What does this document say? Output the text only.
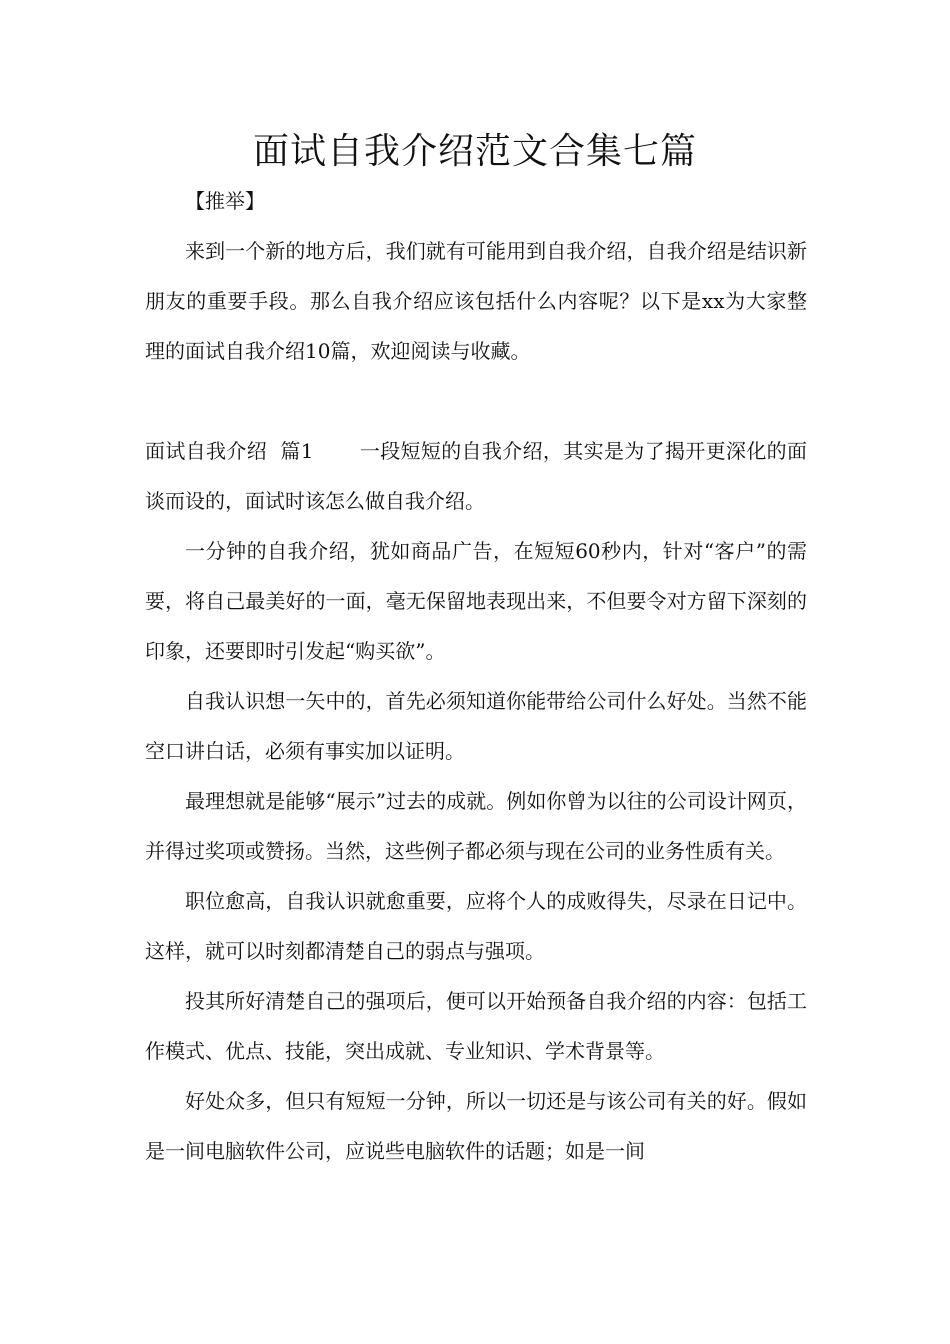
面试自我介绍范文合集七篇

【推举】

来到一个新的地方后，我们就有可能用到自我介绍，自我介绍是结识新朋友的重要手段。那么自我介绍应该包括什么内容呢？以下是xx为大家整理的面试自我介绍10篇，欢迎阅读与收藏。

面试自我介绍  篇1 一段短短的自我介绍，其实是为了揭开更深化的面谈而设的，面试时该怎么做自我介绍。

一分钟的自我介绍，犹如商品广告，在短短60秒内，针对“客户”的需要，将自己最美好的一面，毫无保留地表现出来，不但要令对方留下深刻的印象，还要即时引发起“购买欲”。

自我认识想一矢中的，首先必须知道你能带给公司什么好处。当然不能空口讲白话，必须有事实加以证明。

最理想就是能够“展示”过去的成就。例如你曾为以往的公司设计网页，并得过奖项或赞扬。当然，这些例子都必须与现在公司的业务性质有关。

职位愈高，自我认识就愈重要，应将个人的成败得失，尽录在日记中。这样，就可以时刻都清楚自己的弱点与强项。

投其所好清楚自己的强项后，便可以开始预备自我介绍的内容：包括工作模式、优点、技能，突出成就、专业知识、学术背景等。

好处众多，但只有短短一分钟，所以一切还是与该公司有关的好。假如是一间电脑软件公司，应说些电脑软件的话题；如是一间
